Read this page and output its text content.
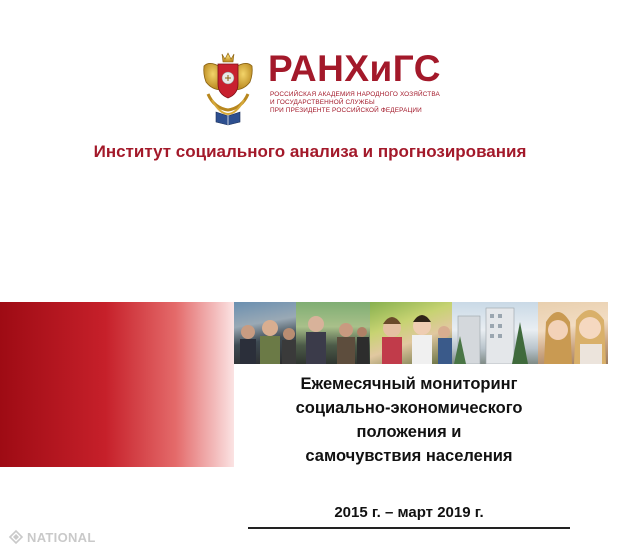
РАНХиГС
РОССИЙСКАЯ АКАДЕМИЯ НАРОДНОГО ХОЗЯЙСТВА
И ГОСУДАРСТВЕННОЙ СЛУЖБЫ
ПРИ ПРЕЗИДЕНТЕ РОССИЙСКОЙ ФЕДЕРАЦИИ
Институт социального анализа и прогнозирования
Ежемесячный мониторинг
социально-экономического
положения и
самочувствия населения
2015 г. – март 2019 г.
NATIONAL
